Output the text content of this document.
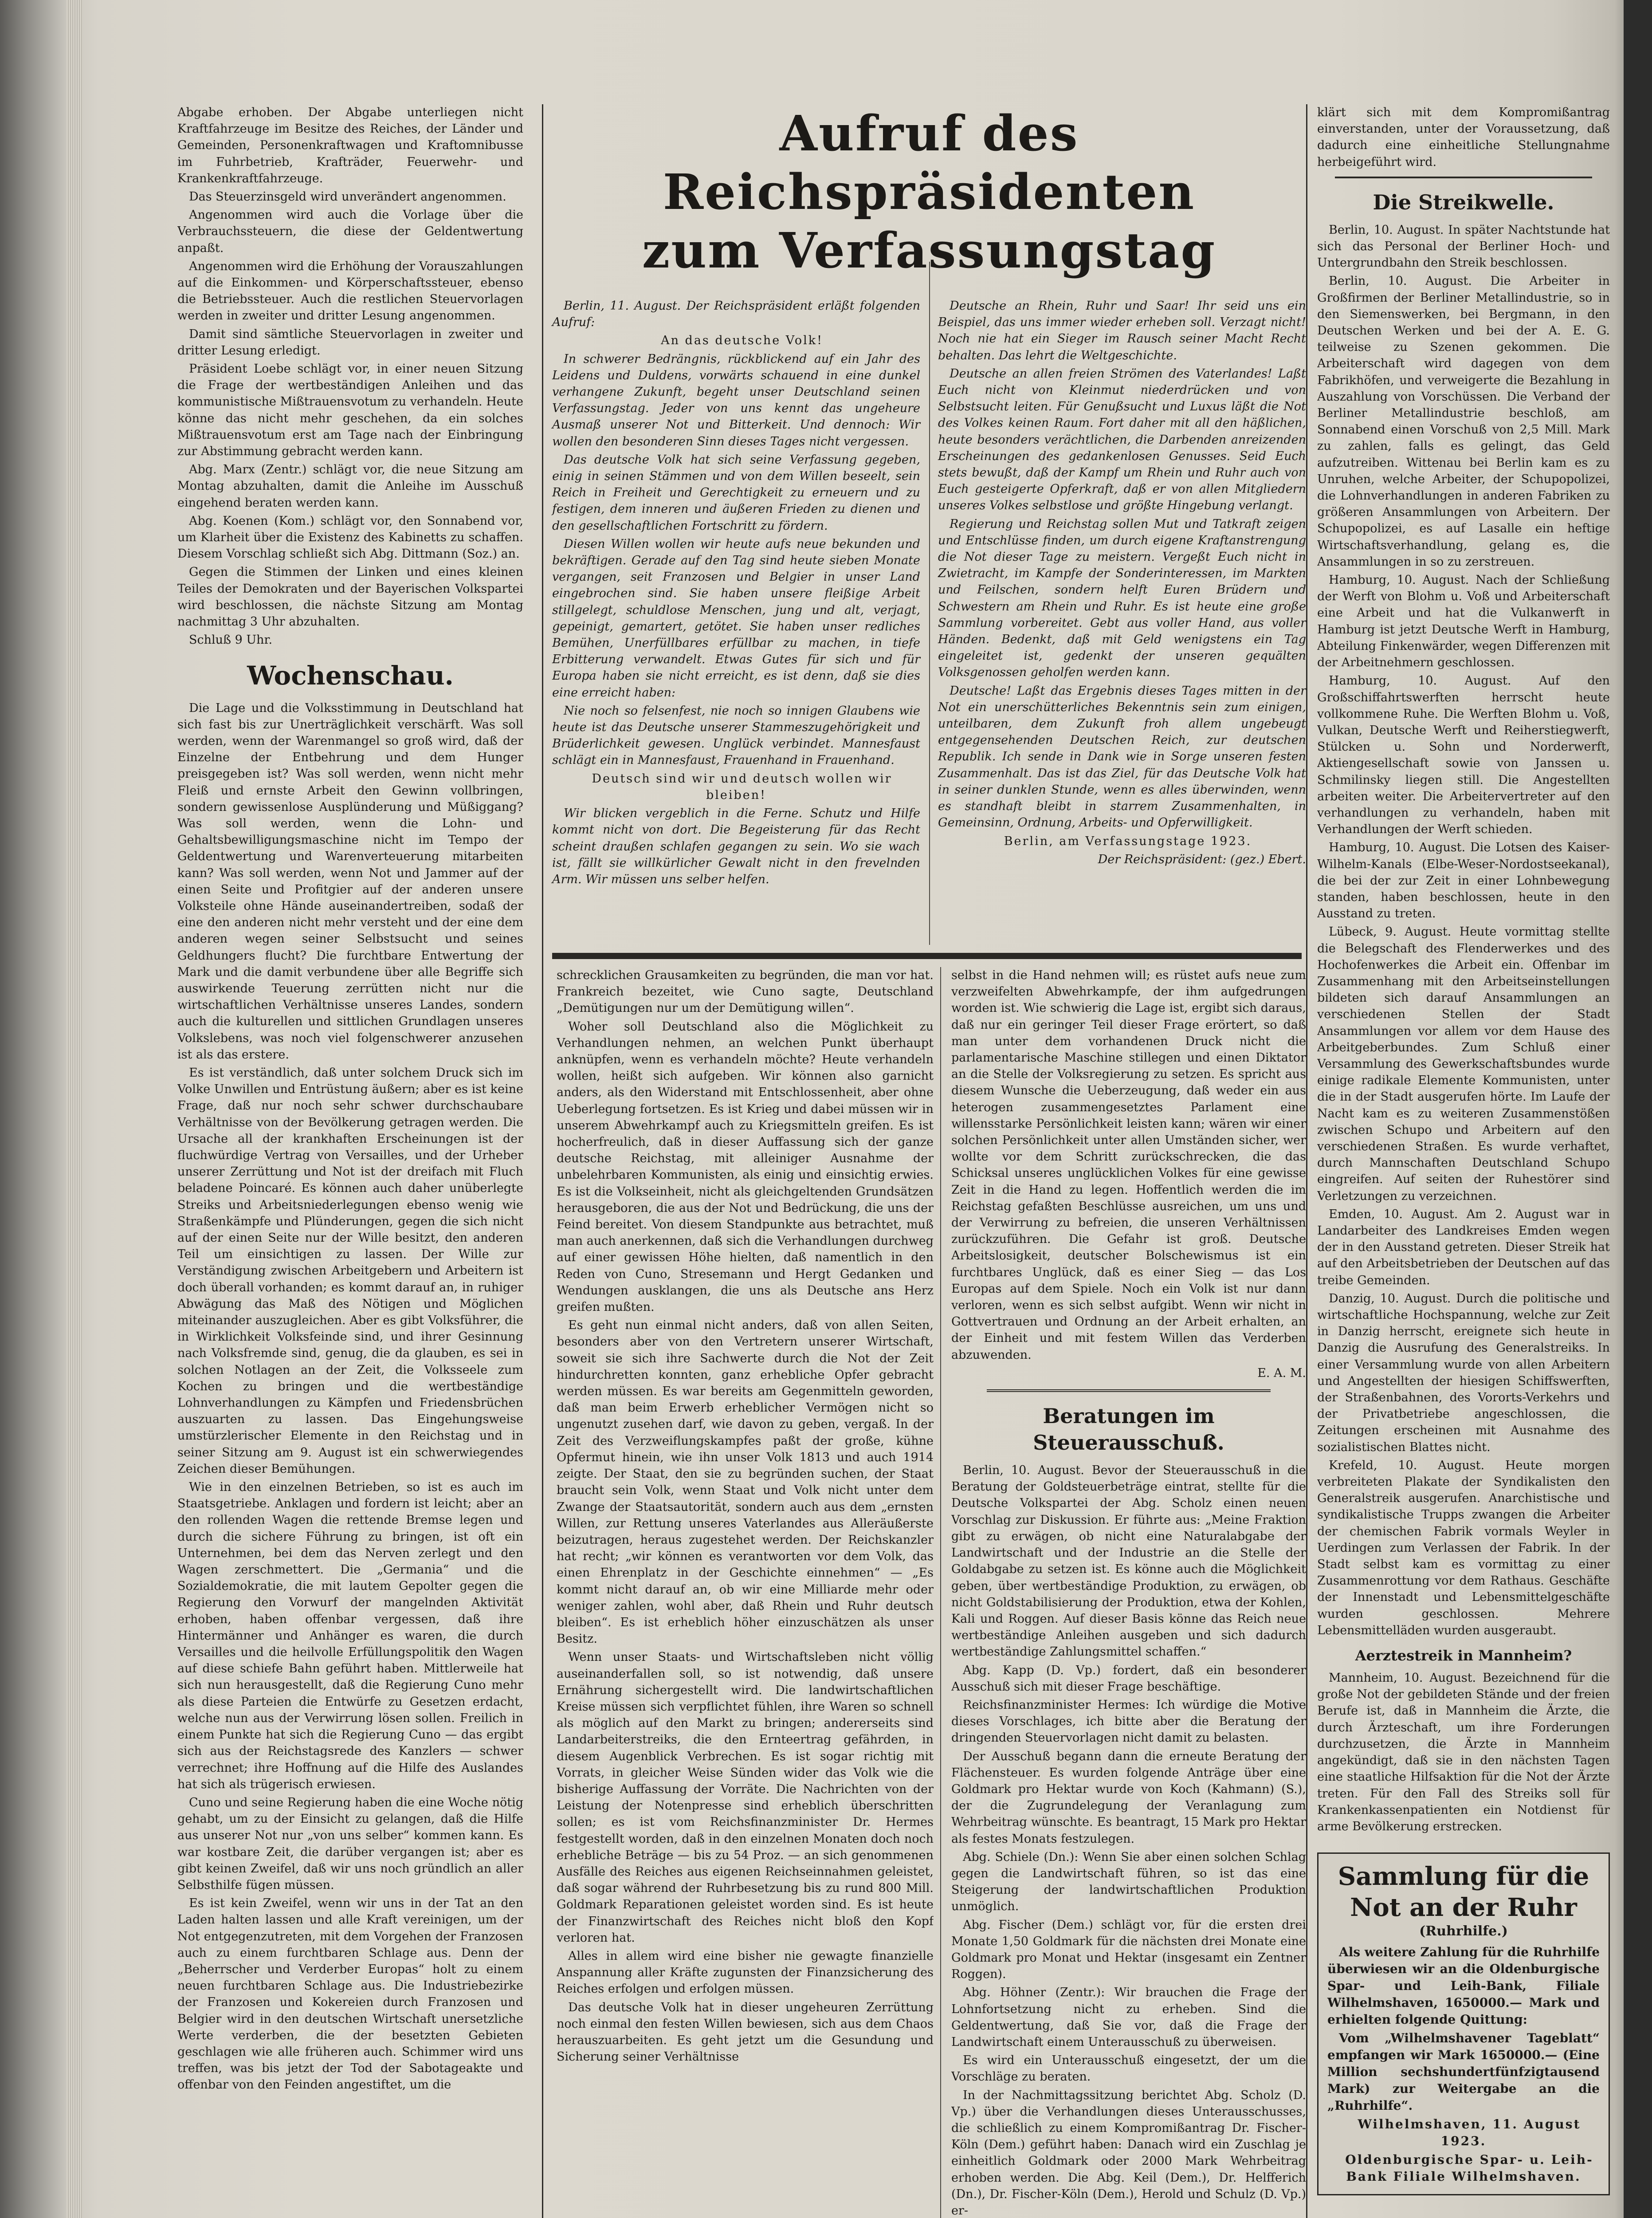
Abgabe erhoben. Der Abgabe unterliegen nicht Kraftfahrzeuge im Besitze des Reiches, der Länder und Gemeinden, Personenkraftwagen und Kraftomnibusse im Fuhrbetrieb, Krafträder, Feuerwehr- und Krankenkraftfahrzeuge.

Das Steuerzinsgeld wird unverändert angenommen.

Angenommen wird auch die Vorlage über die Verbrauchssteuern, die diese der Geldentwertung anpaßt.

Angenommen wird die Erhöhung der Vorauszahlungen auf die Einkommen- und Körperschaftssteuer, ebenso die Betriebssteuer. Auch die restlichen Steuervorlagen werden in zweiter und dritter Lesung angenommen.

Damit sind sämtliche Steuervorlagen in zweiter und dritter Lesung erledigt.

Präsident Loebe schlägt vor, in einer neuen Sitzung die Frage der wertbeständigen Anleihen und das kommunistische Mißtrauensvotum zu verhandeln. Heute könne das nicht mehr geschehen, da ein solches Mißtrauensvotum erst am Tage nach der Einbringung zur Abstimmung gebracht werden kann.

Abg. Marx (Zentr.) schlägt vor, die neue Sitzung am Montag abzuhalten, damit die Anleihe im Ausschuß eingehend beraten werden kann.

Abg. Koenen (Kom.) schlägt vor, den Sonnabend vor, um Klarheit über die Existenz des Kabinetts zu schaffen. Diesem Vorschlag schließt sich Abg. Dittmann (Soz.) an.

Gegen die Stimmen der Linken und eines kleinen Teiles der Demokraten und der Bayerischen Volkspartei wird beschlossen, die nächste Sitzung am Montag nachmittag 3 Uhr abzuhalten.

Schluß 9 Uhr.

Wochenschau.

Die Lage und die Volksstimmung in Deutschland hat sich fast bis zur Unerträglichkeit verschärft. Was soll werden, wenn der Warenmangel so groß wird, daß der Einzelne der Entbehrung und dem Hunger preisgegeben ist? Was soll werden, wenn nicht mehr Fleiß und ernste Arbeit den Gewinn vollbringen, sondern gewissenlose Ausplünderung und Müßiggang? Was soll werden, wenn die Lohn- und Gehaltsbewilligungsmaschine nicht im Tempo der Geldentwertung und Warenverteuerung mitarbeiten kann? Was soll werden, wenn Not und Jammer auf der einen Seite und Profitgier auf der anderen unsere Volksteile ohne Hände auseinandertreiben, sodaß der eine den anderen nicht mehr versteht und der eine dem anderen wegen seiner Selbstsucht und seines Geldhungers flucht? Die furchtbare Entwertung der Mark und die damit verbundene über alle Begriffe sich auswirkende Teuerung zerrütten nicht nur die wirtschaftlichen Verhältnisse unseres Landes, sondern auch die kulturellen und sittlichen Grundlagen unseres Volkslebens, was noch viel folgenschwerer anzusehen ist als das erstere.

Es ist verständlich, daß unter solchem Druck sich im Volke Unwillen und Entrüstung äußern; aber es ist keine Frage, daß nur noch sehr schwer durchschaubare Verhältnisse von der Bevölkerung getragen werden. Die Ursache all der krankhaften Erscheinungen ist der fluchwürdige Vertrag von Versailles, und der Urheber unserer Zerrüttung und Not ist der dreifach mit Fluch beladene Poincaré. Es können auch daher unüberlegte Streiks und Arbeitsniederlegungen ebenso wenig wie Straßenkämpfe und Plünderungen, gegen die sich nicht auf der einen Seite nur der Wille besitzt, den anderen Teil um einsichtigen zu lassen. Der Wille zur Verständigung zwischen Arbeitgebern und Arbeitern ist doch überall vorhanden; es kommt darauf an, in ruhiger Abwägung das Maß des Nötigen und Möglichen miteinander auszugleichen. Aber es gibt Volksführer, die in Wirklichkeit Volksfeinde sind, und ihrer Gesinnung nach Volksfremde sind, genug, die da glauben, es sei in solchen Notlagen an der Zeit, die Volksseele zum Kochen zu bringen und die wertbeständige Lohnverhandlungen zu Kämpfen und Friedensbrüchen auszuarten zu lassen. Das Eingehungsweise umstürzlerischer Elemente in den Reichstag und in seiner Sitzung am 9. August ist ein schwerwiegendes Zeichen dieser Bemühungen.

Wie in den einzelnen Betrieben, so ist es auch im Staatsgetriebe. Anklagen und fordern ist leicht; aber an den rollenden Wagen die rettende Bremse legen und durch die sichere Führung zu bringen, ist oft ein Unternehmen, bei dem das Nerven zerlegt und den Wagen zerschmettert. Die „Germania“ und die Sozialdemokratie, die mit lautem Gepolter gegen die Regierung den Vorwurf der mangelnden Aktivität erhoben, haben offenbar vergessen, daß ihre Hintermänner und Anhänger es waren, die durch Versailles und die heilvolle Erfüllungspolitik den Wagen auf diese schiefe Bahn geführt haben. Mittlerweile hat sich nun herausgestellt, daß die Regierung Cuno mehr als diese Parteien die Entwürfe zu Gesetzen erdacht, welche nun aus der Verwirrung lösen sollen. Freilich in einem Punkte hat sich die Regierung Cuno — das ergibt sich aus der Reichstagsrede des Kanzlers — schwer verrechnet; ihre Hoffnung auf die Hilfe des Auslandes hat sich als trügerisch erwiesen.

Cuno und seine Regierung haben die eine Woche nötig gehabt, um zu der Einsicht zu gelangen, daß die Hilfe aus unserer Not nur „von uns selber“ kommen kann. Es war kostbare Zeit, die darüber vergangen ist; aber es gibt keinen Zweifel, daß wir uns noch gründlich an aller Selbsthilfe fügen müssen.

Es ist kein Zweifel, wenn wir uns in der Tat an den Laden halten lassen und alle Kraft vereinigen, um der Not entgegenzutreten, mit dem Vorgehen der Franzosen auch zu einem furchtbaren Schlage aus. Denn der „Beherrscher und Verderber Europas“ holt zu einem neuen furchtbaren Schlage aus. Die Industriebezirke der Franzosen und Kokereien durch Franzosen und Belgier wird in den deutschen Wirtschaft unersetzliche Werte verderben, die der besetzten Gebieten geschlagen wie alle früheren auch. Schimmer wird uns treffen, was bis jetzt der Tod der Sabotageakte und offenbar von den Feinden angestiftet, um die

Aufruf des Reichspräsidenten
zum Verfassungstag

Berlin, 11. August. Der Reichspräsident erläßt folgenden Aufruf:

An das deutsche Volk!

In schwerer Bedrängnis, rückblickend auf ein Jahr des Leidens und Duldens, vorwärts schauend in eine dunkel verhangene Zukunft, begeht unser Deutschland seinen Verfassungstag. Jeder von uns kennt das ungeheure Ausmaß unserer Not und Bitterkeit. Und dennoch: Wir wollen den besonderen Sinn dieses Tages nicht vergessen.

Das deutsche Volk hat sich seine Verfassung gegeben, einig in seinen Stämmen und von dem Willen beseelt, sein Reich in Freiheit und Gerechtigkeit zu erneuern und zu festigen, dem inneren und äußeren Frieden zu dienen und den gesellschaftlichen Fortschritt zu fördern.

Diesen Willen wollen wir heute aufs neue bekunden und bekräftigen. Gerade auf den Tag sind heute sieben Monate vergangen, seit Franzosen und Belgier in unser Land eingebrochen sind. Sie haben unsere fleißige Arbeit stillgelegt, schuldlose Menschen, jung und alt, verjagt, gepeinigt, gemartert, getötet. Sie haben unser redliches Bemühen, Unerfüllbares erfüllbar zu machen, in tiefe Erbitterung verwandelt. Etwas Gutes für sich und für Europa haben sie nicht erreicht, es ist denn, daß sie dies eine erreicht haben:

Nie noch so felsenfest, nie noch so innigen Glaubens wie heute ist das Deutsche unserer Stammeszugehörigkeit und Brüderlichkeit gewesen. Unglück verbindet. Mannesfaust schlägt ein in Mannesfaust, Frauenhand in Frauenhand.

Deutsch sind wir und deutsch wollen wir bleiben!

Wir blicken vergeblich in die Ferne. Schutz und Hilfe kommt nicht von dort. Die Begeisterung für das Recht scheint draußen schlafen gegangen zu sein. Wo sie wach ist, fällt sie willkürlicher Gewalt nicht in den frevelnden Arm. Wir müssen uns selber helfen.

Deutsche an Rhein, Ruhr und Saar! Ihr seid uns ein Beispiel, das uns immer wieder erheben soll. Verzagt nicht! Noch nie hat ein Sieger im Rausch seiner Macht Recht behalten. Das lehrt die Weltgeschichte.

Deutsche an allen freien Strömen des Vaterlandes! Laßt Euch nicht von Kleinmut niederdrücken und von Selbstsucht leiten. Für Genußsucht und Luxus läßt die Not des Volkes keinen Raum. Fort daher mit all den häßlichen, heute besonders verächtlichen, die Darbenden anreizenden Erscheinungen des gedankenlosen Genusses. Seid Euch stets bewußt, daß der Kampf um Rhein und Ruhr auch von Euch gesteigerte Opferkraft, daß er von allen Mitgliedern unseres Volkes selbstlose und größte Hingebung verlangt.

Regierung und Reichstag sollen Mut und Tatkraft zeigen und Entschlüsse finden, um durch eigene Kraftanstrengung die Not dieser Tage zu meistern. Vergeßt Euch nicht in Zwietracht, im Kampfe der Sonderinteressen, im Markten und Feilschen, sondern helft Euren Brüdern und Schwestern am Rhein und Ruhr. Es ist heute eine große Sammlung vorbereitet. Gebt aus voller Hand, aus voller Händen. Bedenkt, daß mit Geld wenigstens ein Tag eingeleitet ist, gedenkt der unseren gequälten Volksgenossen geholfen werden kann.

Deutsche! Laßt das Ergebnis dieses Tages mitten in der Not ein unerschütterliches Bekenntnis sein zum einigen, unteilbaren, dem Zukunft froh allem ungebeugt entgegensehenden Deutschen Reich, zur deutschen Republik. Ich sende in Dank wie in Sorge unseren festen Zusammenhalt. Das ist das Ziel, für das Deutsche Volk hat in seiner dunklen Stunde, wenn es alles überwinden, wenn es standhaft bleibt in starrem Zusammenhalten, in Gemeinsinn, Ordnung, Arbeits- und Opferwilligkeit.

Berlin, am Verfassungstage 1923.

Der Reichspräsident: (gez.) Ebert.

schrecklichen Grausamkeiten zu begründen, die man vor hat. Frankreich bezeitet, wie Cuno sagte, Deutschland „Demütigungen nur um der Demütigung willen“.

Woher soll Deutschland also die Möglichkeit zu Verhandlungen nehmen, an welchen Punkt überhaupt anknüpfen, wenn es verhandeln möchte? Heute verhandeln wollen, heißt sich aufgeben. Wir können also garnicht anders, als den Widerstand mit Entschlossenheit, aber ohne Ueberlegung fortsetzen. Es ist Krieg und dabei müssen wir in unserem Abwehrkampf auch zu Kriegsmitteln greifen. Es ist hocherfreulich, daß in dieser Auffassung sich der ganze deutsche Reichstag, mit alleiniger Ausnahme der unbelehrbaren Kommunisten, als einig und einsichtig erwies. Es ist die Volkseinheit, nicht als gleichgeltenden Grundsätzen herausgeboren, die aus der Not und Bedrückung, die uns der Feind bereitet. Von diesem Standpunkte aus betrachtet, muß man auch anerkennen, daß sich die Verhandlungen durchweg auf einer gewissen Höhe hielten, daß namentlich in den Reden von Cuno, Stresemann und Hergt Gedanken und Wendungen ausklangen, die uns als Deutsche ans Herz greifen mußten.

Es geht nun einmal nicht anders, daß von allen Seiten, besonders aber von den Vertretern unserer Wirtschaft, soweit sie sich ihre Sachwerte durch die Not der Zeit hindurchretten konnten, ganz erhebliche Opfer gebracht werden müssen. Es war bereits am Gegenmitteln geworden, daß man beim Erwerb erheblicher Vermögen nicht so ungenutzt zusehen darf, wie davon zu geben, vergaß. In der Zeit des Verzweiflungskampfes paßt der große, kühne Opfermut hinein, wie ihn unser Volk 1813 und auch 1914 zeigte. Der Staat, den sie zu begründen suchen, der Staat braucht sein Volk, wenn Staat und Volk nicht unter dem Zwange der Staatsautorität, sondern auch aus dem „ernsten Willen, zur Rettung unseres Vaterlandes aus Alleräußerste beizutragen, heraus zugestehet werden. Der Reichskanzler hat recht; „wir können es verantworten vor dem Volk, das einen Ehrenplatz in der Geschichte einnehmen“ — „Es kommt nicht darauf an, ob wir eine Milliarde mehr oder weniger zahlen, wohl aber, daß Rhein und Ruhr deutsch bleiben“. Es ist erheblich höher einzuschätzen als unser Besitz.

Wenn unser Staats- und Wirtschaftsleben nicht völlig auseinanderfallen soll, so ist notwendig, daß unsere Ernährung sichergestellt wird. Die landwirtschaftlichen Kreise müssen sich verpflichtet fühlen, ihre Waren so schnell als möglich auf den Markt zu bringen; andererseits sind Landarbeiterstreiks, die den Ernteertrag gefährden, in diesem Augenblick Verbrechen. Es ist sogar richtig mit Vorrats, in gleicher Weise Sünden wider das Volk wie die bisherige Auffassung der Vorräte. Die Nachrichten von der Leistung der Notenpresse sind erheblich überschritten sollen; es ist vom Reichsfinanzminister Dr. Hermes festgestellt worden, daß in den einzelnen Monaten doch noch erhebliche Beträge — bis zu 54 Proz. — an sich genommenen Ausfälle des Reiches aus eigenen Reichseinnahmen geleistet, daß sogar während der Ruhrbesetzung bis zu rund 800 Mill. Goldmark Reparationen geleistet worden sind. Es ist heute der Finanzwirtschaft des Reiches nicht bloß den Kopf verloren hat.

Alles in allem wird eine bisher nie gewagte finanzielle Anspannung aller Kräfte zugunsten der Finanzsicherung des Reiches erfolgen und erfolgen müssen.

Das deutsche Volk hat in dieser ungeheuren Zerrüttung noch einmal den festen Willen bewiesen, sich aus dem Chaos herauszuarbeiten. Es geht jetzt um die Gesundung und Sicherung seiner Verhältnisse

selbst in die Hand nehmen will; es rüstet aufs neue zum verzweifelten Abwehrkampfe, der ihm aufgedrungen worden ist. Wie schwierig die Lage ist, ergibt sich daraus, daß nur ein geringer Teil dieser Frage erörtert, so daß man unter dem vorhandenen Druck nicht die parlamentarische Maschine stillegen und einen Diktator an die Stelle der Volksregierung zu setzen. Es spricht aus diesem Wunsche die Ueberzeugung, daß weder ein aus heterogen zusammengesetztes Parlament eine willensstarke Persönlichkeit leisten kann; wären wir einer solchen Persönlichkeit unter allen Umständen sicher, wer wollte vor dem Schritt zurückschrecken, die das Schicksal unseres unglücklichen Volkes für eine gewisse Zeit in die Hand zu legen. Hoffentlich werden die im Reichstag gefaßten Beschlüsse ausreichen, um uns und der Verwirrung zu befreien, die unseren Verhältnissen zurückzuführen. Die Gefahr ist groß. Deutsche Arbeitslosigkeit, deutscher Bolschewismus ist ein furchtbares Unglück, daß es einer Sieg — das Los Europas auf dem Spiele. Noch ein Volk ist nur dann verloren, wenn es sich selbst aufgibt. Wenn wir nicht in Gottvertrauen und Ordnung an der Arbeit erhalten, an der Einheit und mit festem Willen das Verderben abzuwenden.

E. A. M.

Beratungen im Steuerausschuß.

Berlin, 10. August. Bevor der Steuerausschuß in die Beratung der Goldsteuerbeträge eintrat, stellte für die Deutsche Volkspartei der Abg. Scholz einen neuen Vorschlag zur Diskussion. Er führte aus: „Meine Fraktion gibt zu erwägen, ob nicht eine Naturalabgabe der Landwirtschaft und der Industrie an die Stelle der Goldabgabe zu setzen ist. Es könne auch die Möglichkeit geben, über wertbeständige Produktion, zu erwägen, ob nicht Goldstabilisierung der Produktion, etwa der Kohlen, Kali und Roggen. Auf dieser Basis könne das Reich neue wertbeständige Anleihen ausgeben und sich dadurch wertbeständige Zahlungsmittel schaffen.“

Abg. Kapp (D. Vp.) fordert, daß ein besonderer Ausschuß sich mit dieser Frage beschäftige.

Reichsfinanzminister Hermes: Ich würdige die Motive dieses Vorschlages, ich bitte aber die Beratung der dringenden Steuervorlagen nicht damit zu belasten.

Der Ausschuß begann dann die erneute Beratung der Flächensteuer. Es wurden folgende Anträge über eine Goldmark pro Hektar wurde von Koch (Kahmann) (S.), der die Zugrundelegung der Veranlagung zum Wehrbeitrag wünschte. Es beantragt, 15 Mark pro Hektar als festes Monats festzulegen.

Abg. Schiele (Dn.): Wenn Sie aber einen solchen Schlag gegen die Landwirtschaft führen, so ist das eine Steigerung der landwirtschaftlichen Produktion unmöglich.

Abg. Fischer (Dem.) schlägt vor, für die ersten drei Monate 1,50 Goldmark für die nächsten drei Monate eine Goldmark pro Monat und Hektar (insgesamt ein Zentner Roggen).

Abg. Höhner (Zentr.): Wir brauchen die Frage der Lohnfortsetzung nicht zu erheben. Sind die Geldentwertung, daß Sie vor, daß die Frage der Landwirtschaft einem Unterausschuß zu überweisen.

Es wird ein Unterausschuß eingesetzt, der um die Vorschläge zu beraten.

In der Nachmittagssitzung berichtet Abg. Scholz (D. Vp.) über die Verhandlungen dieses Unterausschusses, die schließlich zu einem Kompromißantrag Dr. Fischer-Köln (Dem.) geführt haben: Danach wird ein Zuschlag je einheitlich Goldmark oder 2000 Mark Wehrbeitrag erhoben werden. Die Abg. Keil (Dem.), Dr. Helfferich (Dn.), Dr. Fischer-Köln (Dem.), Herold und Schulz (D. Vp.) er-

klärt sich mit dem Kompromißantrag einverstanden, unter der Voraussetzung, daß dadurch eine einheitliche Stellungnahme herbeigeführt wird.

Die Streikwelle.

Berlin, 10. August. In später Nachtstunde hat sich das Personal der Berliner Hoch- und Untergrundbahn den Streik beschlossen.

Berlin, 10. August. Die Arbeiter in Großfirmen der Berliner Metallindustrie, so in den Siemenswerken, bei Bergmann, in den Deutschen Werken und bei der A. E. G. teilweise zu Szenen gekommen. Die Arbeiterschaft wird dagegen von dem Fabrikhöfen, und verweigerte die Bezahlung in Auszahlung von Vorschüssen. Die Verband der Berliner Metallindustrie beschloß, am Sonnabend einen Vorschuß von 2,5 Mill. Mark zu zahlen, falls es gelingt, das Geld aufzutreiben. Wittenau bei Berlin kam es zu Unruhen, welche Arbeiter, der Schupopolizei, die Lohnverhandlungen in anderen Fabriken zu größeren Ansammlungen von Arbeitern. Der Schupopolizei, es auf Lasalle ein heftige Wirtschaftsverhandlung, gelang es, die Ansammlungen in so zu zerstreuen.

Hamburg, 10. August. Nach der Schließung der Werft von Blohm u. Voß und Arbeiterschaft eine Arbeit und hat die Vulkanwerft in Hamburg ist jetzt Deutsche Werft in Hamburg, Abteilung Finkenwärder, wegen Differenzen mit der Arbeitnehmern geschlossen.

Hamburg, 10. August. Auf den Großschiffahrtswerften herrscht heute vollkommene Ruhe. Die Werften Blohm u. Voß, Vulkan, Deutsche Werft und Reiherstiegwerft, Stülcken u. Sohn und Norderwerft, Aktiengesellschaft sowie von Janssen u. Schmilinsky liegen still. Die Angestellten arbeiten weiter. Die Arbeitervertreter auf den verhandlungen zu verhandeln, haben mit Verhandlungen der Werft schieden.

Hamburg, 10. August. Die Lotsen des Kaiser-Wilhelm-Kanals (Elbe-Weser-Nordostseekanal), die bei der zur Zeit in einer Lohnbewegung standen, haben beschlossen, heute in den Ausstand zu treten.

Lübeck, 9. August. Heute vormittag stellte die Belegschaft des Flenderwerkes und des Hochofenwerkes die Arbeit ein. Offenbar im Zusammenhang mit den Arbeitseinstellungen bildeten sich darauf Ansammlungen an verschiedenen Stellen der Stadt Ansammlungen vor allem vor dem Hause des Arbeitgeberbundes. Zum Schluß einer Versammlung des Gewerkschaftsbundes wurde einige radikale Elemente Kommunisten, unter die in der Stadt ausgerufen hörte. Im Laufe der Nacht kam es zu weiteren Zusammenstößen zwischen Schupo und Arbeitern auf den verschiedenen Straßen. Es wurde verhaftet, durch Mannschaften Deutschland Schupo eingreifen. Auf seiten der Ruhestörer sind Verletzungen zu verzeichnen.

Emden, 10. August. Am 2. August war in Landarbeiter des Landkreises Emden wegen der in den Ausstand getreten. Dieser Streik hat auf den Arbeitsbetrieben der Deutschen auf das treibe Gemeinden.

Danzig, 10. August. Durch die politische und wirtschaftliche Hochspannung, welche zur Zeit in Danzig herrscht, ereignete sich heute in Danzig die Ausrufung des Generalstreiks. In einer Versammlung wurde von allen Arbeitern und Angestellten der hiesigen Schiffswerften, der Straßenbahnen, des Vororts-Verkehrs und der Privatbetriebe angeschlossen, die Zeitungen erscheinen mit Ausnahme des sozialistischen Blattes nicht.

Krefeld, 10. August. Heute morgen verbreiteten Plakate der Syndikalisten den Generalstreik ausgerufen. Anarchistische und syndikalistische Trupps zwangen die Arbeiter der chemischen Fabrik vormals Weyler in Uerdingen zum Verlassen der Fabrik. In der Stadt selbst kam es vormittag zu einer Zusammenrottung vor dem Rathaus. Geschäfte der Innenstadt und Lebensmittelgeschäfte wurden geschlossen. Mehrere Lebensmittelläden wurden ausgeraubt.

Aerztestreik in Mannheim?

Mannheim, 10. August. Bezeichnend für die große Not der gebildeten Stände und der freien Berufe ist, daß in Mannheim die Ärzte, die durch Ärzteschaft, um ihre Forderungen durchzusetzen, die Ärzte in Mannheim angekündigt, daß sie in den nächsten Tagen eine staatliche Hilfsaktion für die Not der Ärzte treten. Für den Fall des Streiks soll für Krankenkassenpatienten ein Notdienst für arme Bevölkerung erstrecken.

Sammlung für die Not an der Ruhr
(Ruhrhilfe.)

Als weitere Zahlung für die Ruhrhilfe überwiesen wir an die Oldenburgische Spar- und Leih-Bank, Filiale Wilhelmshaven, 1650000.— Mark und erhielten folgende Quittung:

Vom „Wilhelmshavener Tageblatt“ empfangen wir Mark 1650000.— (Eine Million sechshundertfünfzigtausend Mark) zur Weitergabe an die „Ruhrhilfe“.

Wilhelmshaven, 11. August 1923.

Oldenburgische Spar- u. Leih-Bank Filiale Wilhelmshaven.
